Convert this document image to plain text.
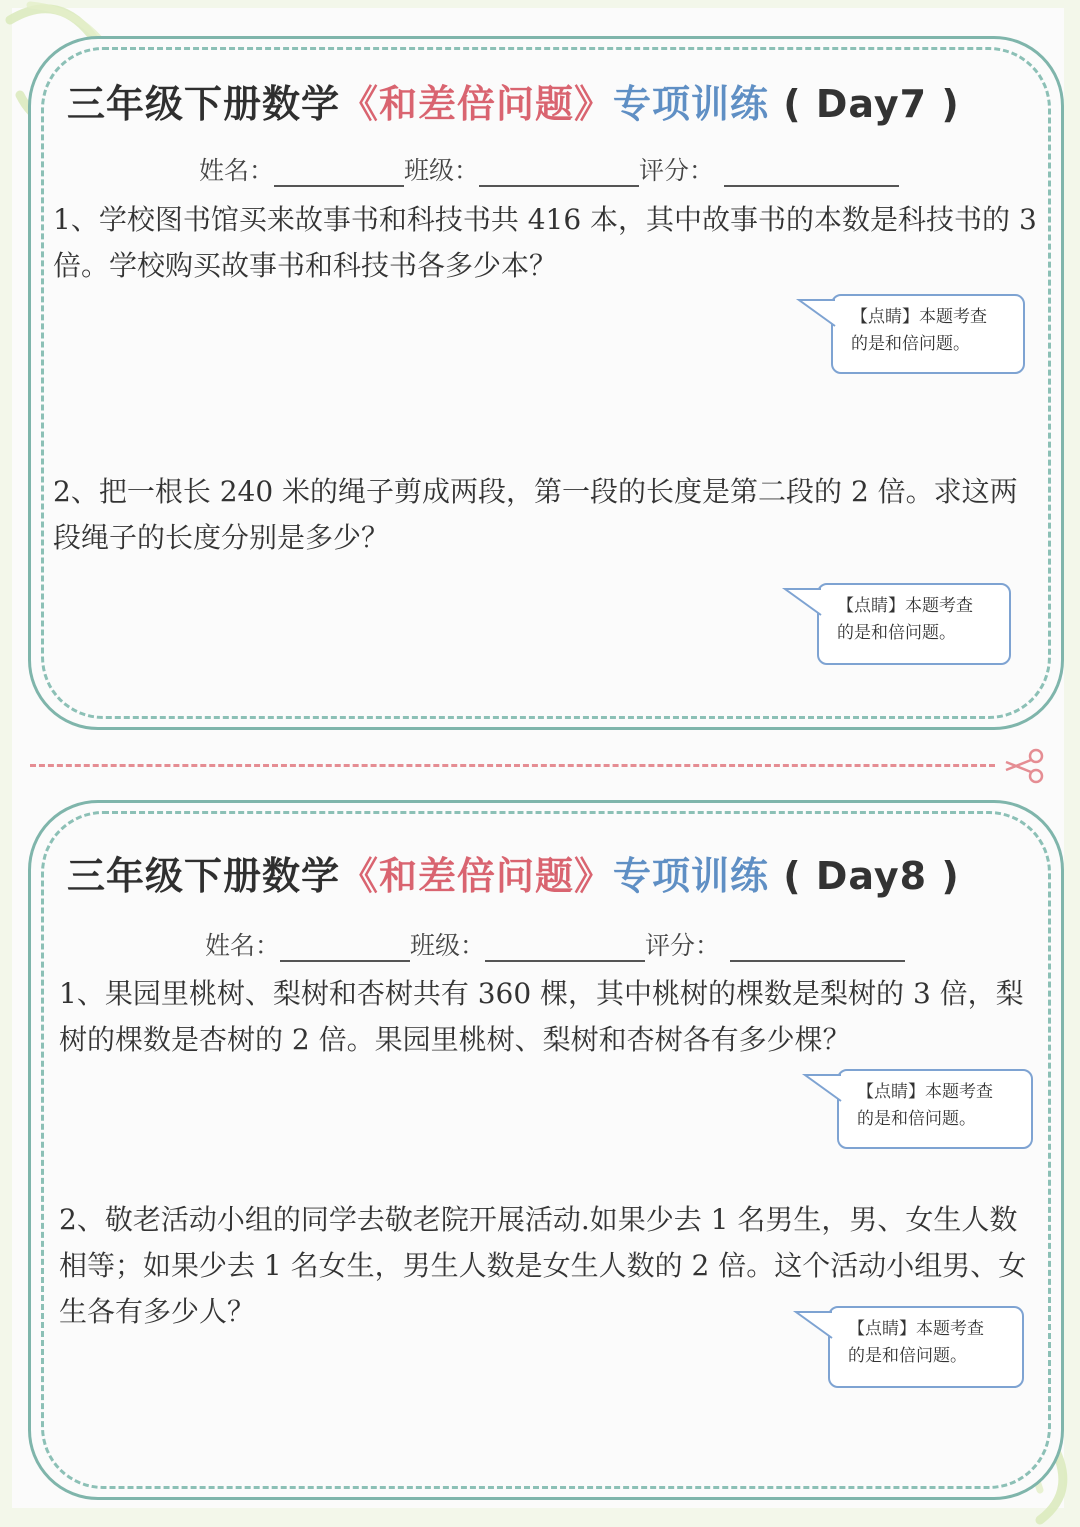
三年级下册数学《和差倍问题》专项训练 ( Day7 )
姓名：	班级：	评分：
1、学校图书馆买来故事书和科技书共 416 本，其中故事书的本数是科技书的 3 倍。学校购买故事书和科技书各多少本？
【点睛】本题考查
的是和倍问题。
2、把一根长 240 米的绳子剪成两段，第一段的长度是第二段的 2 倍。求这两段绳子的长度分别是多少？
【点睛】本题考查
的是和倍问题。
三年级下册数学《和差倍问题》专项训练 ( Day8 )
姓名：	班级：	评分：
1、果园里桃树、梨树和杏树共有 360 棵，其中桃树的棵数是梨树的 3 倍，梨树的棵数是杏树的 2 倍。果园里桃树、梨树和杏树各有多少棵？
【点睛】本题考查
的是和倍问题。
2、敬老活动小组的同学去敬老院开展活动.如果少去 1 名男生，男、女生人数相等；如果少去 1 名女生，男生人数是女生人数的 2 倍。这个活动小组男、女生各有多少人？
【点睛】本题考查
的是和倍问题。
